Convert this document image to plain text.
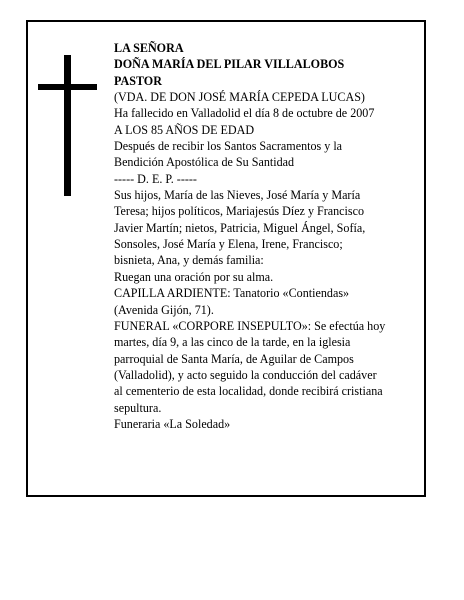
LA SEÑORA

DOÑA MARÍA DEL PILAR VILLALOBOS

PASTOR

(VDA. DE DON JOSÉ MARÍA CEPEDA LUCAS)

Ha fallecido en Valladolid el día 8 de octubre de 2007

A LOS 85 AÑOS DE EDAD

Después de recibir los Santos Sacramentos y la

Bendición Apostólica de Su Santidad

----- D. E. P. -----

Sus hijos, María de las Nieves, José María y María

Teresa; hijos políticos, Mariajesús Díez y Francisco

Javier Martín; nietos, Patricia, Miguel Ángel, Sofía,

Sonsoles, José María y Elena, Irene, Francisco;

bisnieta, Ana, y demás familia:

Ruegan una oración por su alma.

CAPILLA ARDIENTE: Tanatorio «Contiendas»

(Avenida Gijón, 71).

FUNERAL «CORPORE INSEPULTO»: Se efectúa hoy

martes, día 9, a las cinco de la tarde, en la iglesia

parroquial de Santa María, de Aguilar de Campos

(Valladolid), y acto seguido la conducción del cadáver

al cementerio de esta localidad, donde recibirá cristiana

sepultura.

Funeraria «La Soledad»
